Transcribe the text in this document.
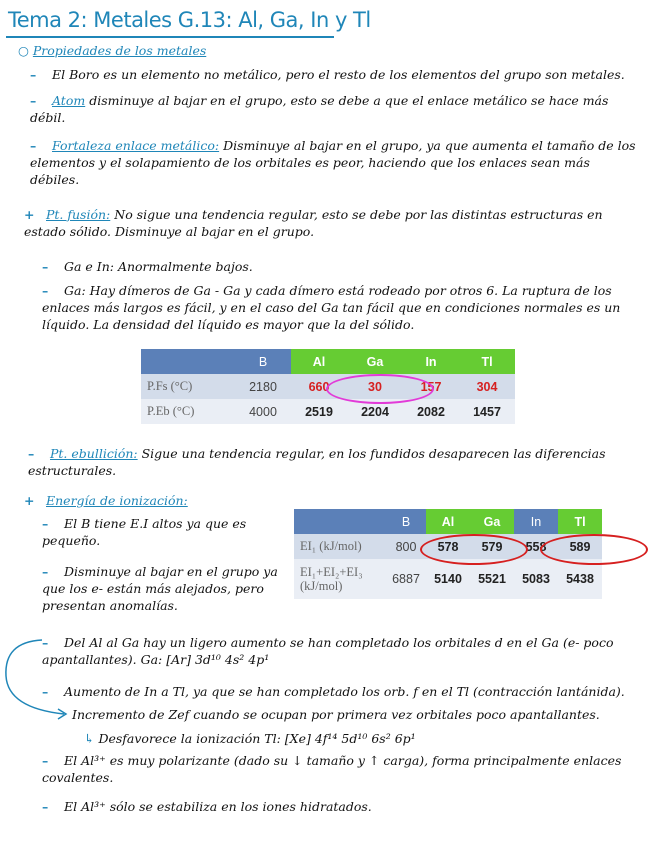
Tema 2: Metales G.13: Al, Ga, In y Tl
○ Propiedades de los metales
– El Boro es un elemento no metálico, pero el resto de los elementos del grupo son metales.
– Atom disminuye al bajar en el grupo, esto se debe a que el enlace metálico se hace más débil.
– Fortaleza enlace metálico: Disminuye al bajar en el grupo, ya que aumenta el tamaño de los elementos y el solapamiento de los orbitales es peor, haciendo que los enlaces sean más débiles.
+ Pt. fusión: No sigue una tendencia regular, esto se debe por las distintas estructuras en estado sólido. Disminuye al bajar en el grupo.
– Ga e In: Anormalmente bajos.
– Ga: Hay dímeros de Ga - Ga y cada dímero está rodeado por otros 6. La ruptura de los enlaces más largos es fácil, y en el caso del Ga tan fácil que en condiciones normales es un líquido. La densidad del líquido es mayor que la del sólido.
	B	Al	Ga	In	Tl
P.Fs (°C)	2180	660	30	157	304
P.Eb (°C)	4000	2519	2204	2082	1457
– Pt. ebullición: Sigue una tendencia regular, en los fundidos desaparecen las diferencias estructurales.
+ Energía de ionización:
– El B tiene E.I altos ya que es pequeño.
– Disminuye al bajar en el grupo ya que los e- están más alejados, pero presentan anomalías.
	B	Al	Ga	In	Tl
EI₁ (kJ/mol)	800	578	579	558	589
EI₁+EI₂+EI₃ (kJ/mol)	6887	5140	5521	5083	5438
– Del Al al Ga hay un ligero aumento se han completado los orbitales d en el Ga (e- poco apantallantes). Ga: [Ar] 3d¹⁰ 4s² 4p¹
– Aumento de In a Tl, ya que se han completado los orb. f en el Tl (contracción lantánida).
Incremento de Zef cuando se ocupan por primera vez orbitales poco apantallantes.
↳ Desfavorece la ionización Tl: [Xe] 4f¹⁴ 5d¹⁰ 6s² 6p¹
– El Al³⁺ es muy polarizante (dado su ↓ tamaño y ↑ carga), forma principalmente enlaces covalentes.
– El Al³⁺ sólo se estabiliza en los iones hidratados.
